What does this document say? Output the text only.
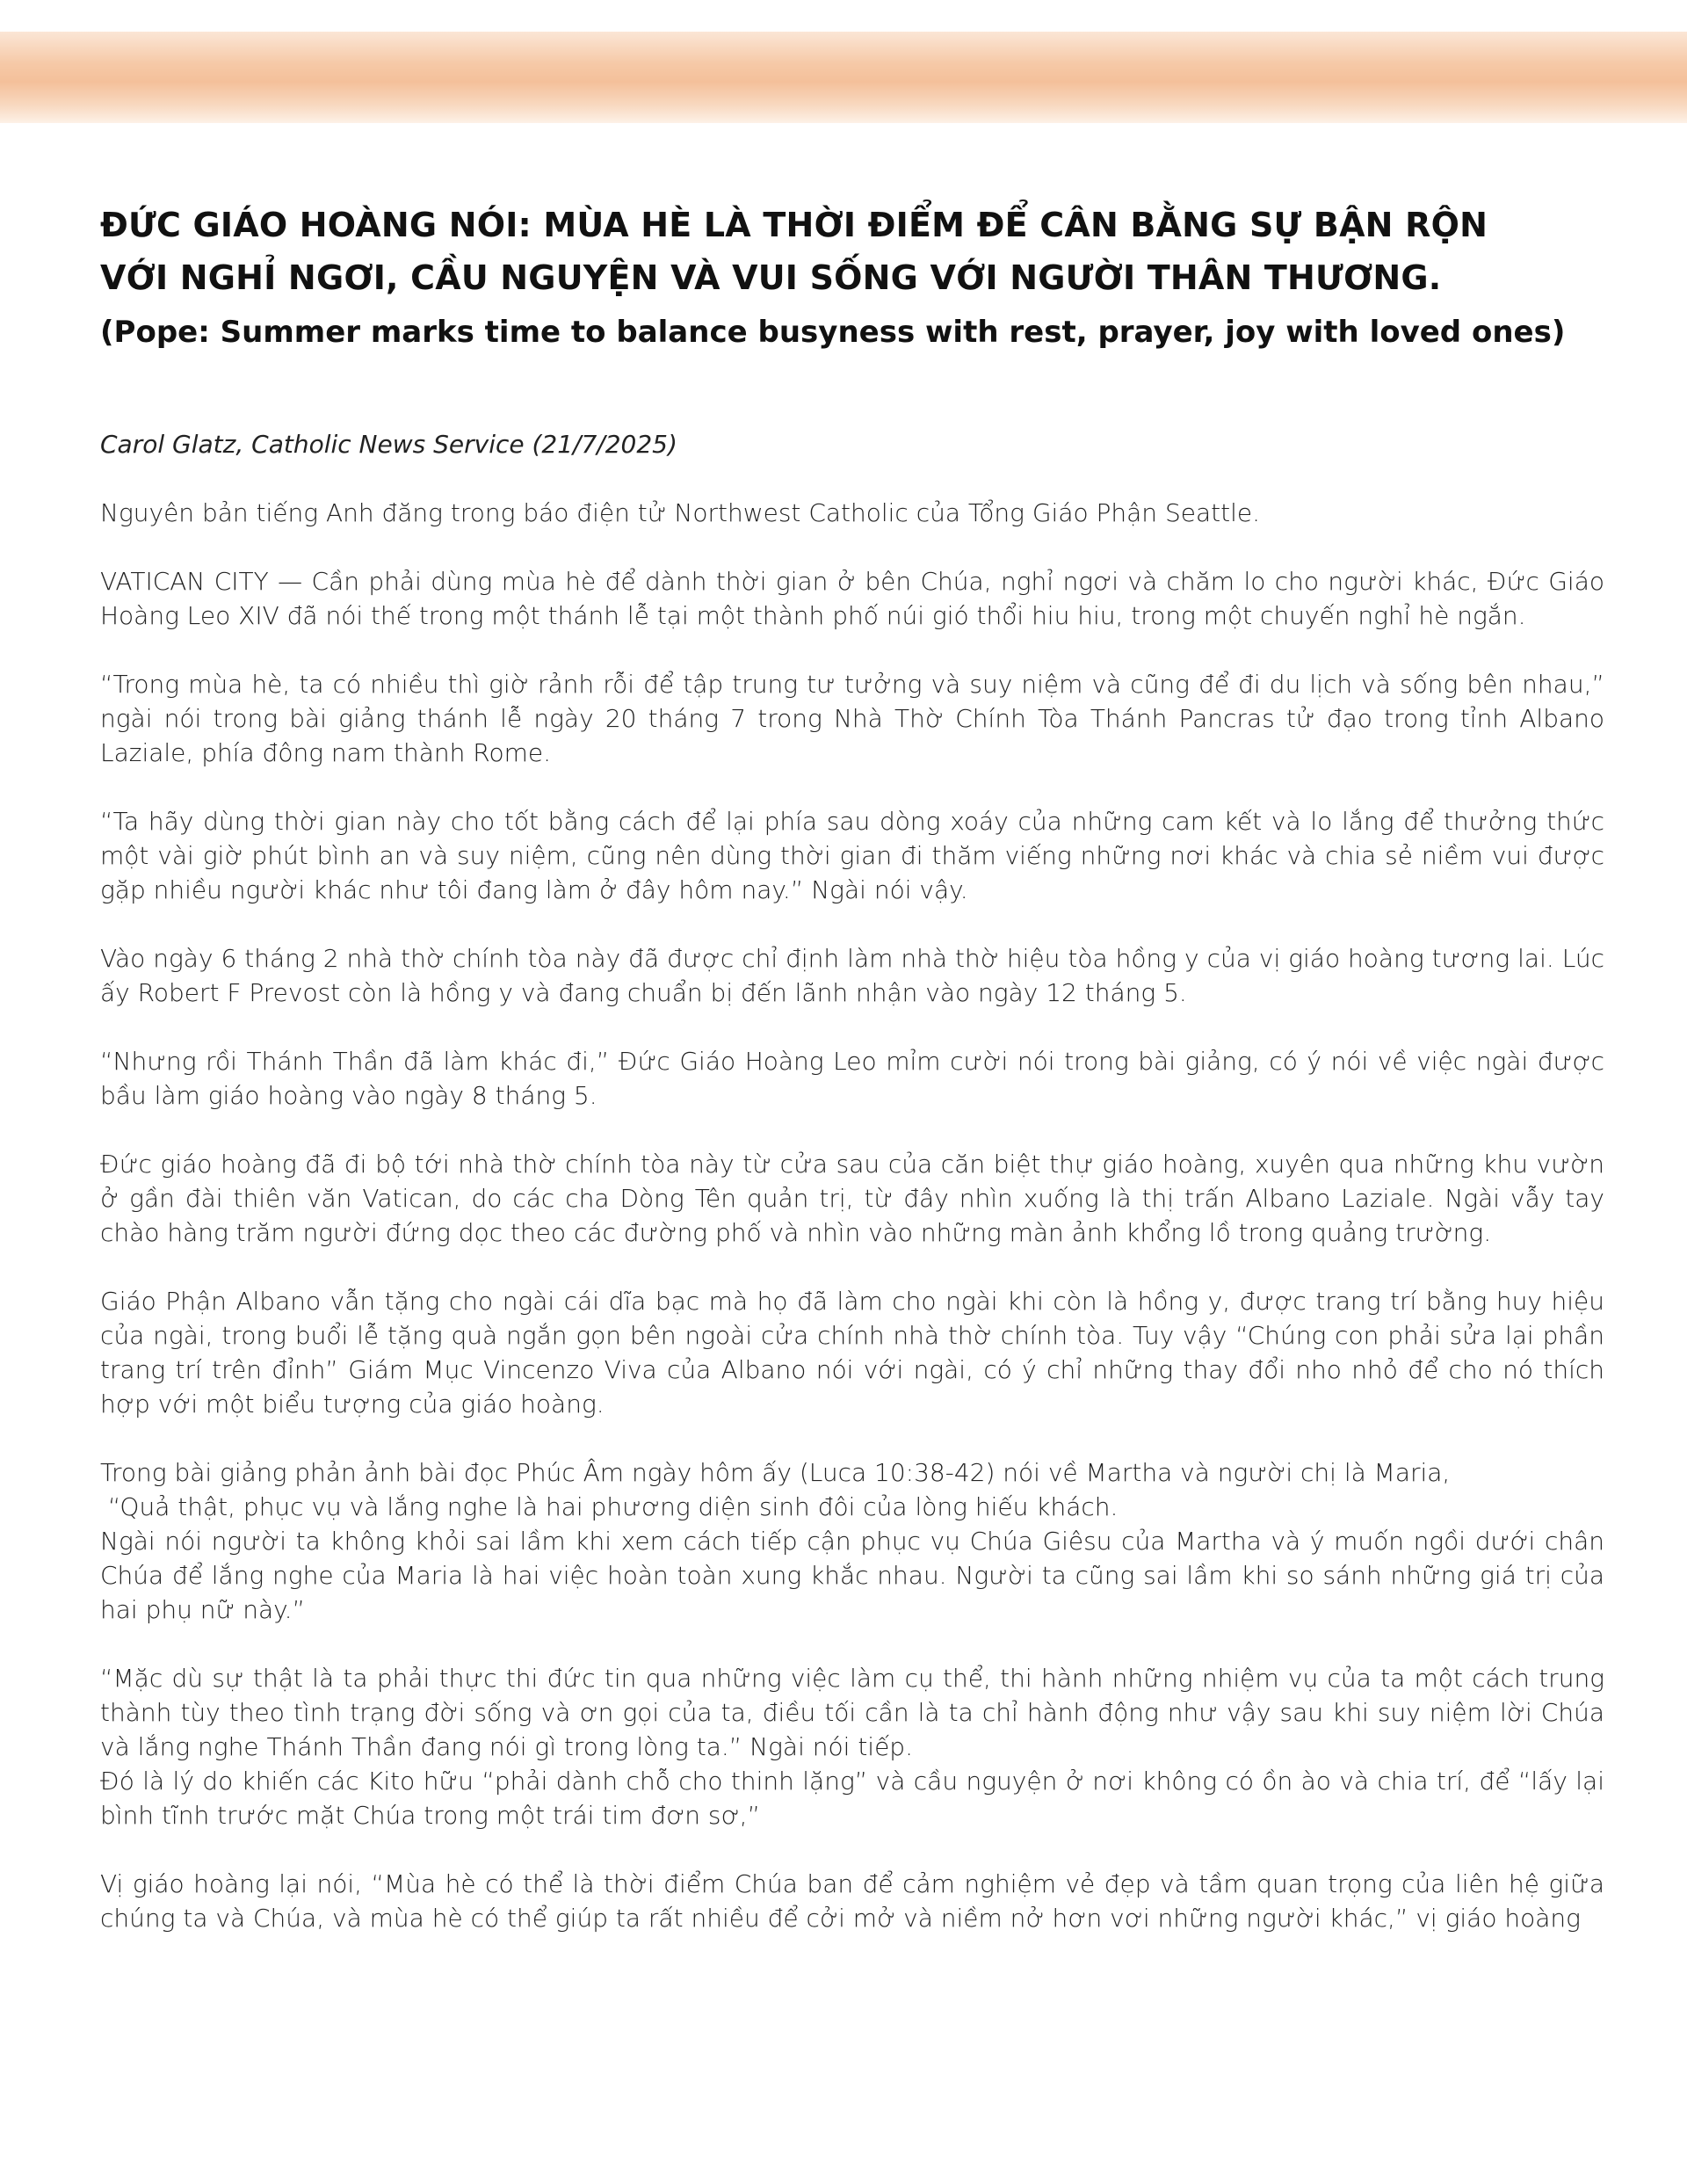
ĐỨC GIÁO HOÀNG NÓI: MÙA HÈ LÀ THỜI ĐIỂM ĐỂ CÂN BẰNG SỰ BẬN RỘN
VỚI NGHỈ NGƠI, CẦU NGUYỆN VÀ VUI SỐNG VỚI NGƯỜI THÂN THƯƠNG.

(Pope: Summer marks time to balance busyness with rest, prayer, joy with loved ones)

Carol Glatz, Catholic News Service (21/7/2025)

Nguyên bản tiếng Anh đăng trong báo điện tử Northwest Catholic của Tổng Giáo Phận Seattle.

VATICAN CITY — Cần phải dùng mùa hè để dành thời gian ở bên Chúa, nghỉ ngơi và chăm lo cho người khác, Đức Giáo Hoàng Leo XIV đã nói thế trong một thánh lễ tại một thành phố núi gió thổi hiu hiu, trong một chuyến nghỉ hè ngắn.

“Trong mùa hè, ta có nhiều thì giờ rảnh rỗi để tập trung tư tưởng và suy niệm và cũng để đi du lịch và sống bên nhau,” ngài nói trong bài giảng thánh lễ ngày 20 tháng 7 trong Nhà Thờ Chính Tòa Thánh Pancras tử đạo trong tỉnh Albano Laziale, phía đông nam thành Rome.

“Ta hãy dùng thời gian này cho tốt bằng cách để lại phía sau dòng xoáy của những cam kết và lo lắng để thưởng thức một vài giờ phút bình an và suy niệm, cũng nên dùng thời gian đi thăm viếng những nơi khác và chia sẻ niềm vui được gặp nhiều người khác như tôi đang làm ở đây hôm nay.” Ngài nói vậy.

Vào ngày 6 tháng 2 nhà thờ chính tòa này đã được chỉ định làm nhà thờ hiệu tòa hồng y của vị giáo hoàng tương lai. Lúc ấy Robert F Prevost còn là hồng y và đang chuẩn bị đến lãnh nhận vào ngày 12 tháng 5.

“Nhưng rồi Thánh Thần đã làm khác đi,” Đức Giáo Hoàng Leo mỉm cười nói trong bài giảng, có ý nói về việc ngài được bầu làm giáo hoàng vào ngày 8 tháng 5.

Đức giáo hoàng đã đi bộ tới nhà thờ chính tòa này từ cửa sau của căn biệt thự giáo hoàng, xuyên qua những khu vườn ở gần đài thiên văn Vatican, do các cha Dòng Tên quản trị, từ đây nhìn xuống là thị trấn Albano Laziale. Ngài vẫy tay chào hàng trăm người đứng dọc theo các đường phố và nhìn vào những màn ảnh khổng lồ trong quảng trường.

Giáo Phận Albano vẫn tặng cho ngài cái dĩa bạc mà họ đã làm cho ngài khi còn là hồng y, được trang trí bằng huy hiệu của ngài, trong buổi lễ tặng quà ngắn gọn bên ngoài cửa chính nhà thờ chính tòa. Tuy vậy “Chúng con phải sửa lại phần trang trí trên đỉnh” Giám Mục Vincenzo Viva của Albano nói với ngài, có ý chỉ những thay đổi nho nhỏ để cho nó thích hợp với một biểu tượng của giáo hoàng.

Trong bài giảng phản ảnh bài đọc Phúc Âm ngày hôm ấy (Luca 10:38-42) nói về Martha và người chị là Maria,
“Quả thật, phục vụ và lắng nghe là hai phương diện sinh đôi của lòng hiếu khách.
Ngài nói người ta không khỏi sai lầm khi xem cách tiếp cận phục vụ Chúa Giêsu của Martha và ý muốn ngồi dưới chân Chúa để lắng nghe của Maria là hai việc hoàn toàn xung khắc nhau. Người ta cũng sai lầm khi so sánh những giá trị của hai phụ nữ này.”

“Mặc dù sự thật là ta phải thực thi đức tin qua những việc làm cụ thể, thi hành những nhiệm vụ của ta một cách trung thành tùy theo tình trạng đời sống và ơn gọi của ta, điều tối cần là ta chỉ hành động như vậy sau khi suy niệm lời Chúa và lắng nghe Thánh Thần đang nói gì trong lòng ta.” Ngài nói tiếp.

Đó là lý do khiến các Kito hữu “phải dành chỗ cho thinh lặng” và cầu nguyện ở nơi không có ồn ào và chia trí, để “lấy lại bình tĩnh trước mặt Chúa trong một trái tim đơn sơ,”

Vị giáo hoàng lại nói, “Mùa hè có thể là thời điểm Chúa ban để cảm nghiệm vẻ đẹp và tầm quan trọng của liên hệ giữa chúng ta và Chúa, và mùa hè có thể giúp ta rất nhiều để cởi mở và niềm nở hơn vơi những người khác,” vị giáo hoàng
